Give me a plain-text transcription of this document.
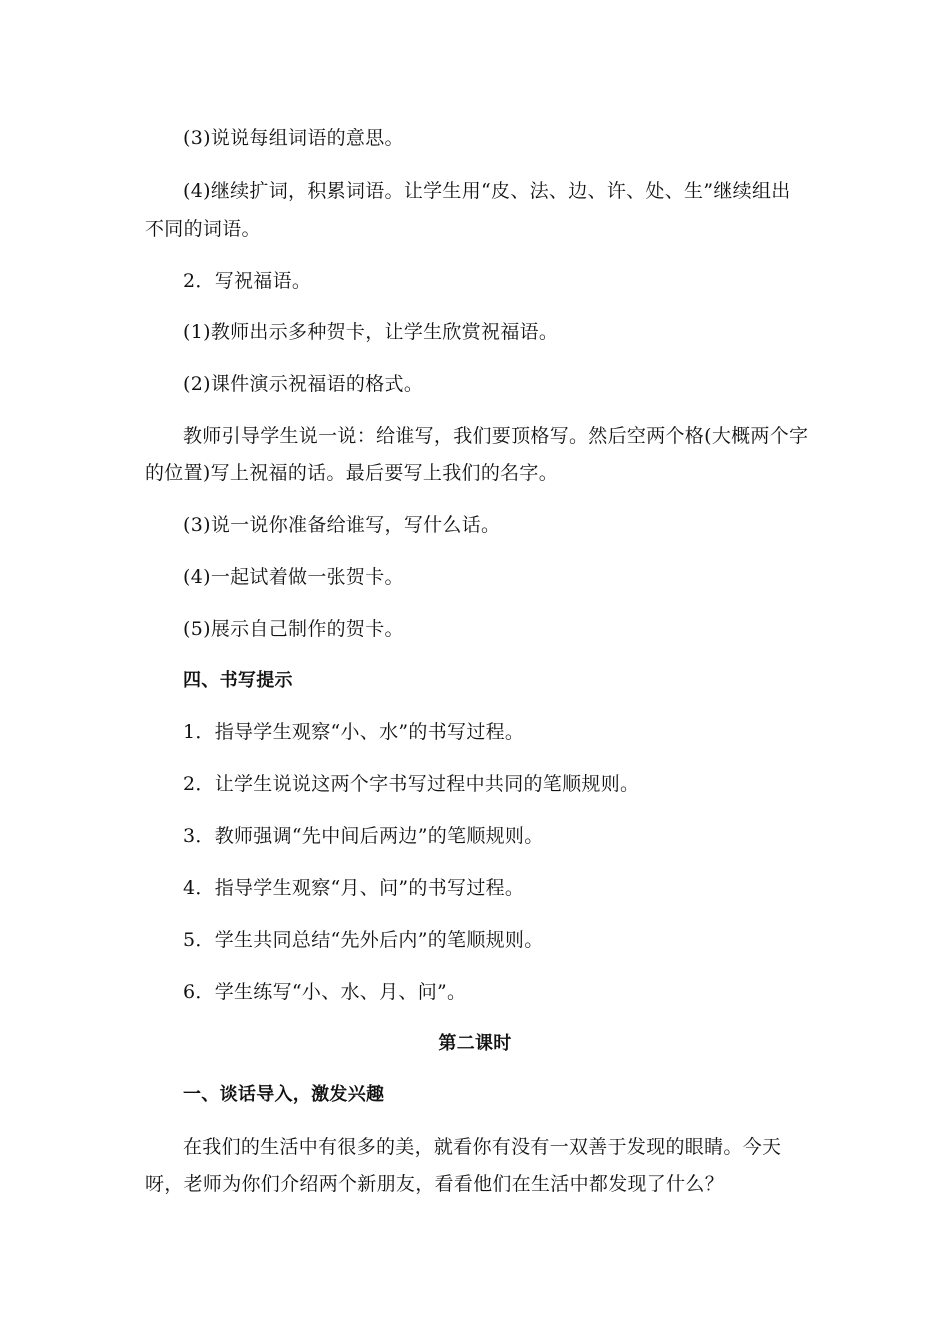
(3)说说每组词语的意思。
(4)继续扩词，积累词语。让学生用“皮、法、边、许、处、生”继续组出
不同的词语。
2．写祝福语。
(1)教师出示多种贺卡，让学生欣赏祝福语。
(2)课件演示祝福语的格式。
教师引导学生说一说：给谁写，我们要顶格写。然后空两个格(大概两个字
的位置)写上祝福的话。最后要写上我们的名字。
(3)说一说你准备给谁写，写什么话。
(4)一起试着做一张贺卡。
(5)展示自己制作的贺卡。
四、书写提示
1．指导学生观察“小、水”的书写过程。
2．让学生说说这两个字书写过程中共同的笔顺规则。
3．教师强调“先中间后两边”的笔顺规则。
4．指导学生观察“月、问”的书写过程。
5．学生共同总结“先外后内”的笔顺规则。
6．学生练写“小、水、月、问”。
第二课时
一、谈话导入，激发兴趣
在我们的生活中有很多的美，就看你有没有一双善于发现的眼睛。今天
呀，老师为你们介绍两个新朋友，看看他们在生活中都发现了什么？
